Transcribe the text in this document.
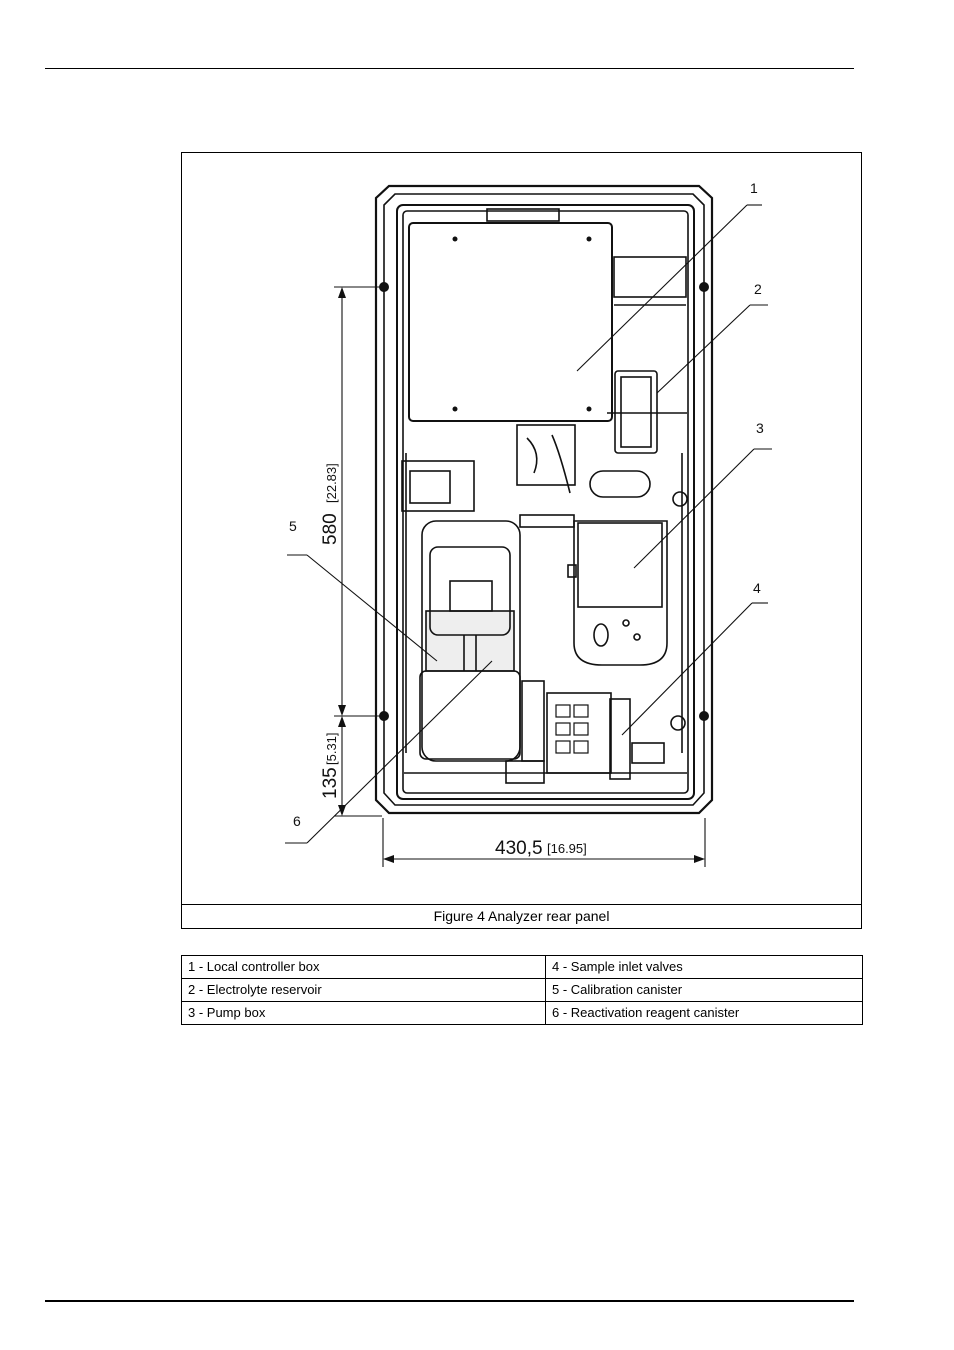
1
2
3
4
5
6
580
[22.83]
135
[5.31]
430,5 [16.95]
Figure 4 Analyzer rear panel
1 - Local controller box	4 - Sample inlet valves
2 - Electrolyte reservoir	5 - Calibration canister
3 - Pump box	6 - Reactivation reagent canister
